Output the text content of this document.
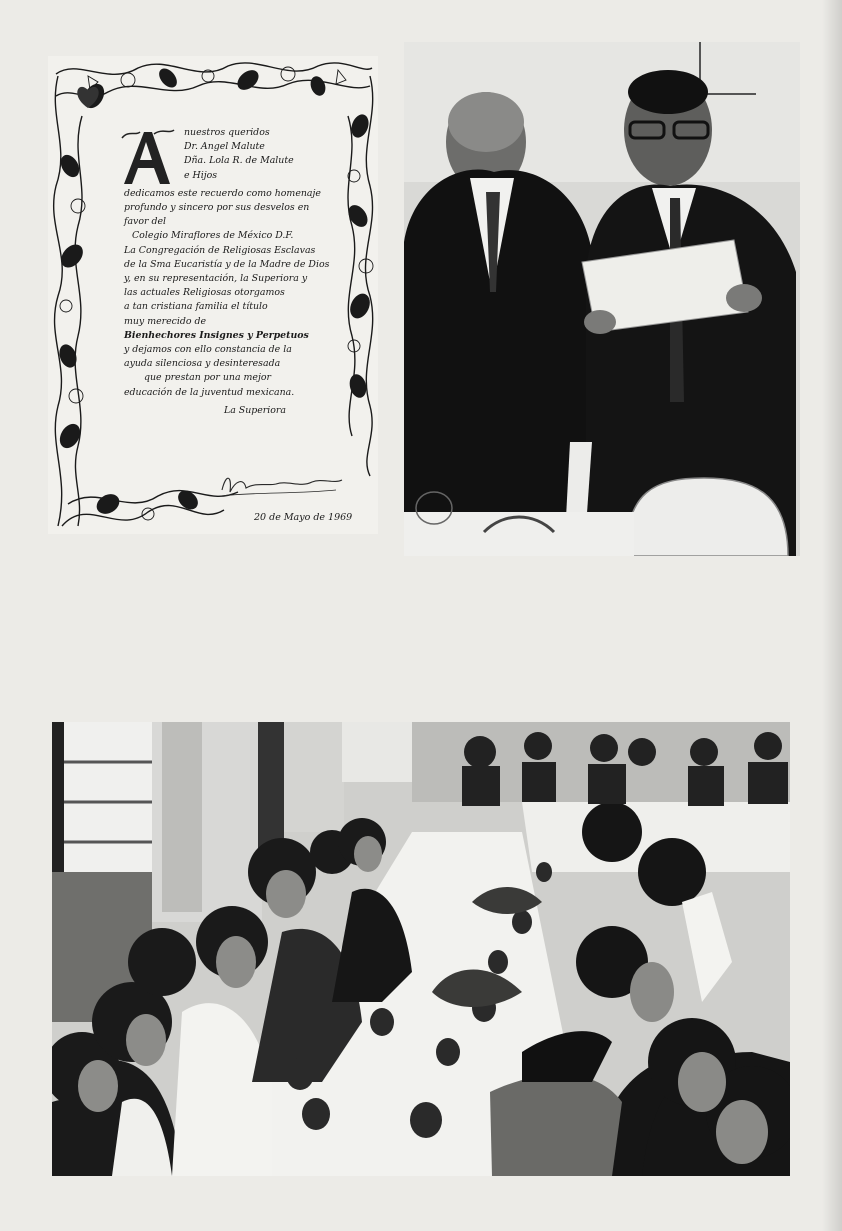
nuestros queridos
Dr. Angel Malute
Dña. Lola R. de Malute
e Hijos
dedicamos este recuerdo como homenaje
profundo y sincero por sus desvelos en
favor del
Colegio Miraflores de México D.F.
La Congregación de Religiosas Esclavas
de la Sma Eucaristía y de la Madre de Dios
y, en su representación, la Superiora y
las actuales Religiosas otorgamos
a tan cristiana familia el título
muy merecido de
Bienhechores Insignes y Perpetuos
y dejamos con ello constancia de la
ayuda silenciosa y desinteresada
que prestan por una mejor
educación de la juventud mexicana.
La Superiora
20 de Mayo de 1969
